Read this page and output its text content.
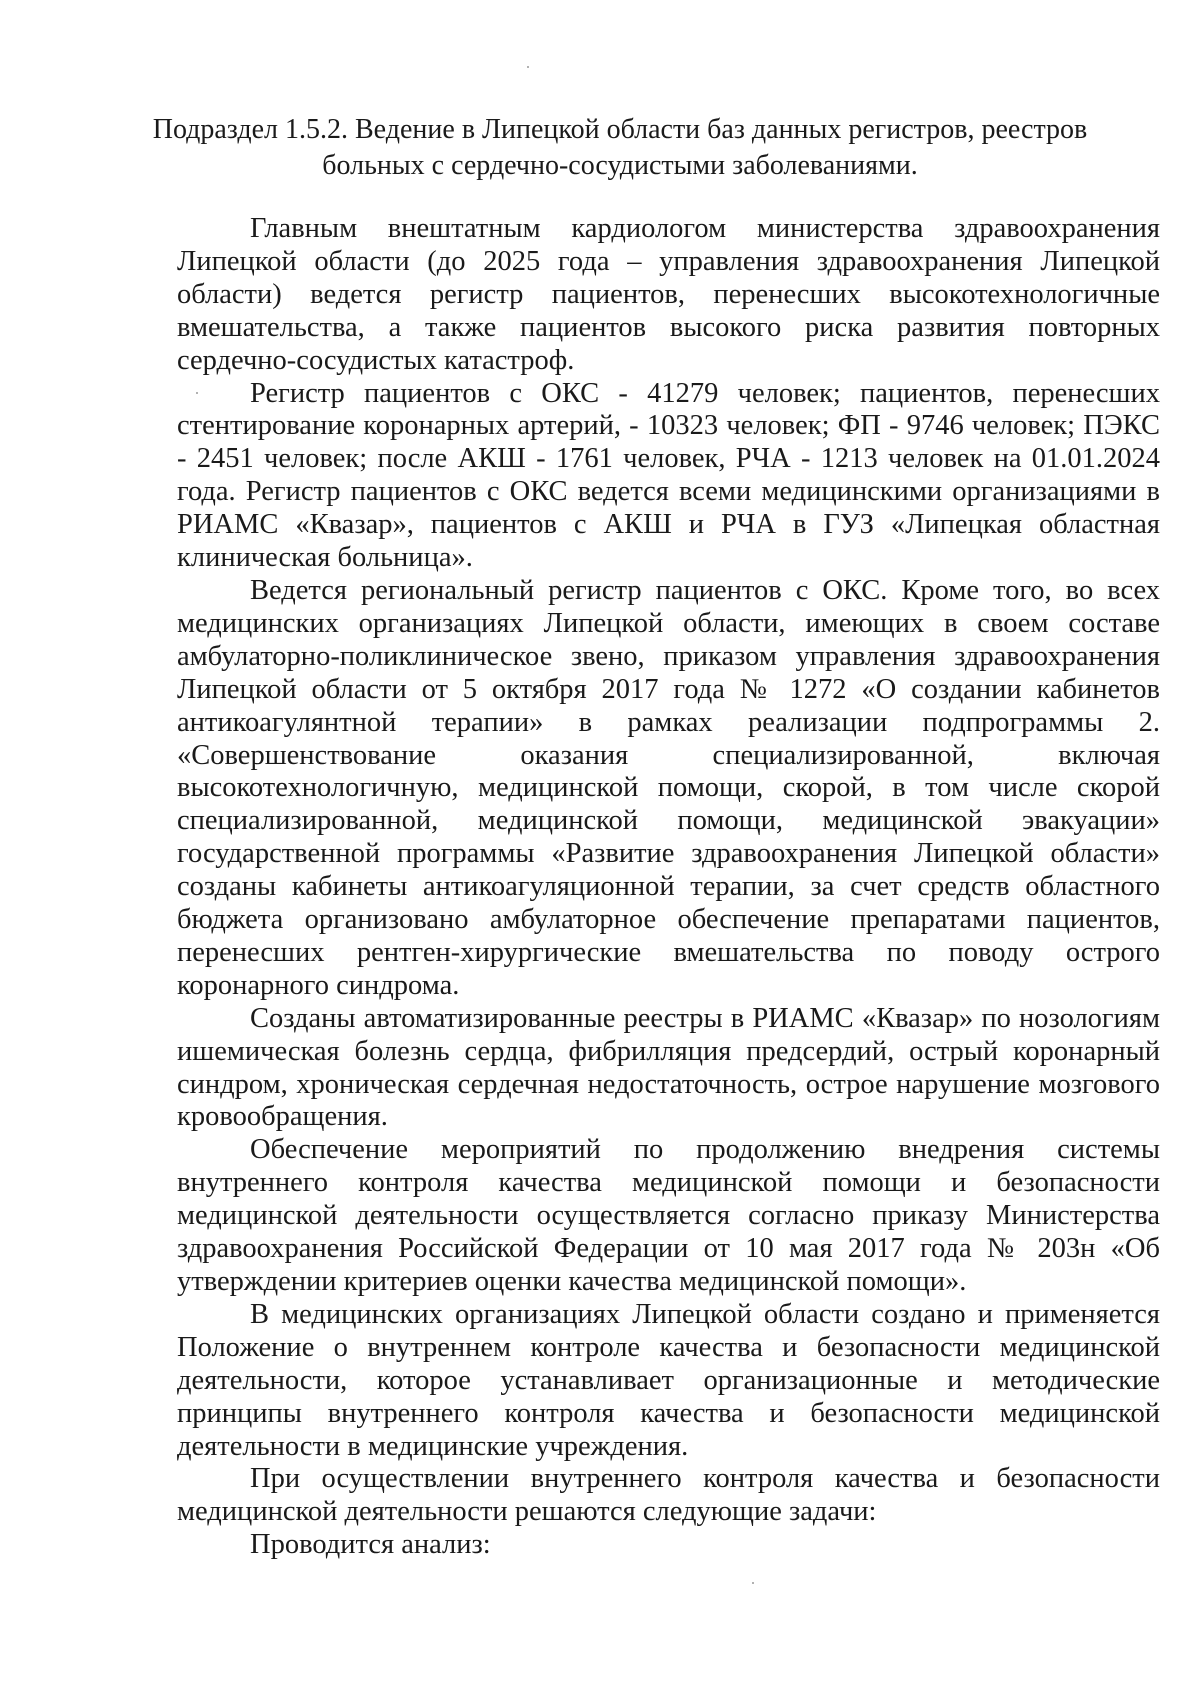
Подраздел 1.5.2. Ведение в Липецкой области баз данных регистров, реестров
больных с сердечно-сосудистыми заболеваниями.

Главным внештатным кардиологом министерства здравоохранения Липецкой области (до 2025 года – управления здравоохранения Липецкой области) ведется регистр пациентов, перенесших высокотехнологичные вмешательства, а также пациентов высокого риска развития повторных сердечно-сосудистых катастроф.

Регистр пациентов с ОКС - 41279 человек; пациентов, перенесших стентирование коронарных артерий, - 10323 человек; ФП - 9746 человек; ПЭКС - 2451 человек; после АКШ - 1761 человек, РЧА - 1213 человек на 01.01.2024 года. Регистр пациентов с ОКС ведется всеми медицинскими организациями в РИАМС «Квазар», пациентов с АКШ и РЧА в ГУЗ «Липецкая областная клиническая больница».

Ведется региональный регистр пациентов с ОКС. Кроме того, во всех медицинских организациях Липецкой области, имеющих в своем составе амбулаторно-поликлиническое звено, приказом управления здравоохранения Липецкой области от 5 октября 2017 года № 1272 «О создании кабинетов антикоагулянтной терапии» в рамках реализации подпрограммы 2. «Совершенствование оказания специализированной, включая высокотехнологичную, медицинской помощи, скорой, в том числе скорой специализированной, медицинской помощи, медицинской эвакуации» государственной программы «Развитие здравоохранения Липецкой области» созданы кабинеты антикоагуляционной терапии, за счет средств областного бюджета организовано амбулаторное обеспечение препаратами пациентов, перенесших рентген-хирургические вмешательства по поводу острого коронарного синдрома.

Созданы автоматизированные реестры в РИАМС «Квазар» по нозологиям ишемическая болезнь сердца, фибрилляция предсердий, острый коронарный синдром, хроническая сердечная недостаточность, острое нарушение мозгового кровообращения.

Обеспечение мероприятий по продолжению внедрения системы внутреннего контроля качества медицинской помощи и безопасности медицинской деятельности осуществляется согласно приказу Министерства здравоохранения Российской Федерации от 10 мая 2017 года № 203н «Об утверждении критериев оценки качества медицинской помощи».

В медицинских организациях Липецкой области создано и применяется Положение о внутреннем контроле качества и безопасности медицинской деятельности, которое устанавливает организационные и методические принципы внутреннего контроля качества и безопасности медицинской деятельности в медицинские учреждения.

При осуществлении внутреннего контроля качества и безопасности медицинской деятельности решаются следующие задачи:

Проводится анализ:
